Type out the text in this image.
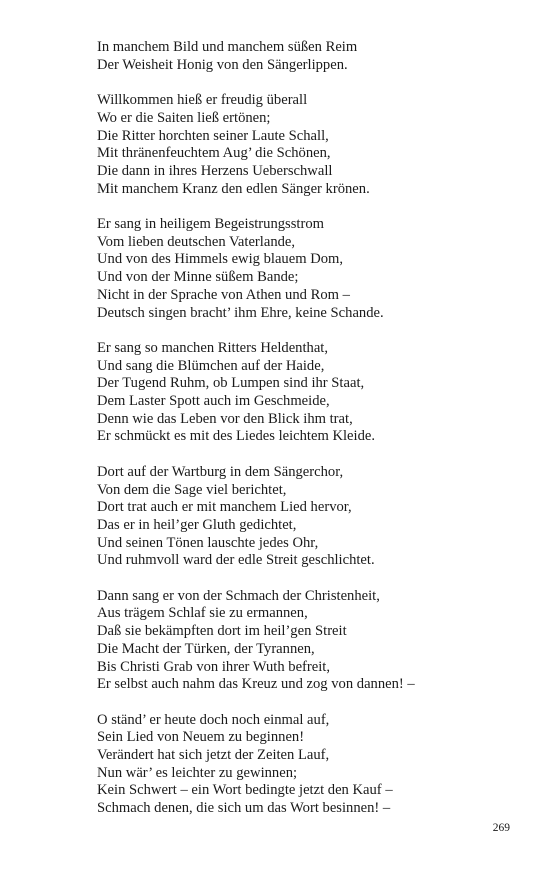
In manchem Bild und manchem süßen Reim
Der Weisheit Honig von den Sängerlippen.
Willkommen hieß er freudig überall
Wo er die Saiten ließ ertönen;
Die Ritter horchten seiner Laute Schall,
Mit thränenfeuchtem Aug’ die Schönen,
Die dann in ihres Herzens Ueberschwall
Mit manchem Kranz den edlen Sänger krönen.
Er sang in heiligem Begeistrungsstrom
Vom lieben deutschen Vaterlande,
Und von des Himmels ewig blauem Dom,
Und von der Minne süßem Bande;
Nicht in der Sprache von Athen und Rom –
Deutsch singen bracht’ ihm Ehre, keine Schande.
Er sang so manchen Ritters Heldenthat,
Und sang die Blümchen auf der Haide,
Der Tugend Ruhm, ob Lumpen sind ihr Staat,
Dem Laster Spott auch im Geschmeide,
Denn wie das Leben vor den Blick ihm trat,
Er schmückt es mit des Liedes leichtem Kleide.
Dort auf der Wartburg in dem Sängerchor,
Von dem die Sage viel berichtet,
Dort trat auch er mit manchem Lied hervor,
Das er in heil’ger Gluth gedichtet,
Und seinen Tönen lauschte jedes Ohr,
Und ruhmvoll ward der edle Streit geschlichtet.
Dann sang er von der Schmach der Christenheit,
Aus trägem Schlaf sie zu ermannen,
Daß sie bekämpften dort im heil’gen Streit
Die Macht der Türken, der Tyrannen,
Bis Christi Grab von ihrer Wuth befreit,
Er selbst auch nahm das Kreuz und zog von dannen! –
O ständ’ er heute doch noch einmal auf,
Sein Lied von Neuem zu beginnen!
Verändert hat sich jetzt der Zeiten Lauf,
Nun wär’ es leichter zu gewinnen;
Kein Schwert – ein Wort bedingte jetzt den Kauf –
Schmach denen, die sich um das Wort besinnen! –
269
